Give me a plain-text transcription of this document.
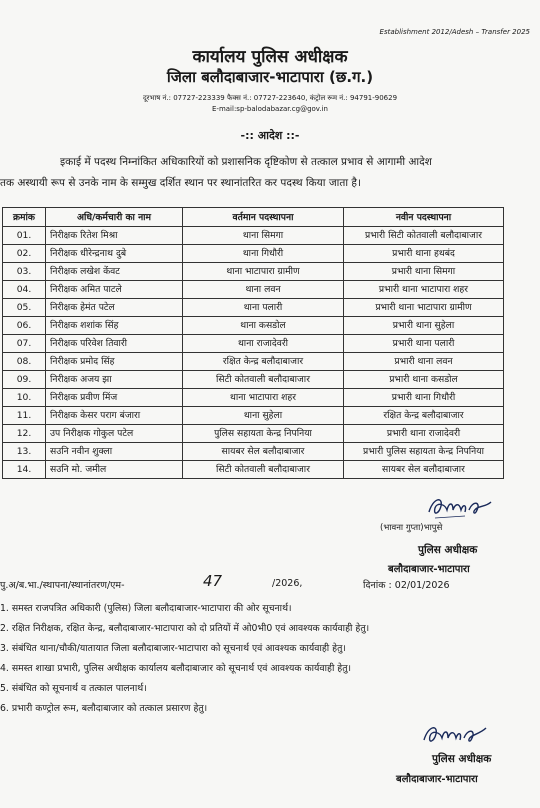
Establishment 2012/Adesh – Transfer 2025
कार्यालय पुलिस अधीक्षक
जिला बलौदाबाजार-भाटापारा (छ.ग.)
दूरभाष नं.: 07727-223339 फैक्स नं.: 07727-223640, कंट्रोल रूम नं.: 94791-90629
E-mail:sp-balodabazar.cg@gov.in
-:: आदेश ::-
इकाई में पदस्थ निम्नांकित अधिकारियों को प्रशासनिक दृष्टिकोण से तत्काल प्रभाव से आगामी आदेश
तक अस्थायी रूप से उनके नाम के सम्मुख दर्शित स्थान पर स्थानांतरित कर पदस्थ किया जाता है।
क्रमांक	अधि/कर्मचारी का नाम	वर्तमान पदस्थापना	नवीन पदस्थापना
01.	निरीक्षक रितेश मिश्रा	थाना सिमगा	प्रभारी सिटी कोतवाली बलौदाबाजार
02.	निरीक्षक धीरेन्द्रनाथ दुबे	थाना गिधौरी	प्रभारी थाना हथबंद
03.	निरीक्षक लखेश केंवट	थाना भाटापारा ग्रामीण	प्रभारी थाना सिमगा
04.	निरीक्षक अमित पाटले	थाना लवन	प्रभारी थाना भाटापारा शहर
05.	निरीक्षक हेमंत पटेल	थाना पलारी	प्रभारी थाना भाटापारा ग्रामीण
06.	निरीक्षक शशांक सिंह	थाना कसडोल	प्रभारी थाना सुहेला
07.	निरीक्षक परिवेश तिवारी	थाना राजादेवरी	प्रभारी थाना पलारी
08.	निरीक्षक प्रमोद सिंह	रक्षित केन्द्र बलौदाबाजार	प्रभारी थाना लवन
09.	निरीक्षक अजय झा	सिटी कोतवाली बलौदाबाजार	प्रभारी थाना कसडोल
10.	निरीक्षक प्रवीण मिंज	थाना भाटापारा शहर	प्रभारी थाना गिधौरी
11.	निरीक्षक केसर पराग बंजारा	थाना सुहेला	रक्षित केन्द्र बलौदाबाजार
12.	उप निरीक्षक गोकुल पटेल	पुलिस सहायता केन्द्र निपनिया	प्रभारी थाना राजादेवरी
13.	सउनि नवीन शुक्ला	सायबर सेल बलौदाबाजार	प्रभारी पुलिस सहायता केन्द्र निपनिया
14.	सउनि मो. जमील	सिटी कोतवाली बलौदाबाजार	सायबर सेल बलौदाबाजार
(भावना गुप्ता)भापुसे
पुलिस अधीक्षक
बलौदाबाजार-भाटापारा
पु.अ/ब.भा./स्थापना/स्थानांतरण/एम-	47	/2026,	दिनांक : 02/01/2026
1. समस्त राजपत्रित अधिकारी (पुलिस) जिला बलौदाबाजार-भाटापारा की ओर सूचनार्थ।
2. रक्षित निरीक्षक, रक्षित केन्द्र, बलौदाबाजार-भाटापारा को दो प्रतियों में ओ0भी0 एवं आवश्यक कार्यवाही हेतु।
3. संबंधित थाना/चौकी/यातायात जिला बलौदाबाजार-भाटापारा को सूचनार्थ एवं आवश्यक कार्यवाही हेतु।
4. समस्त शाखा प्रभारी, पुलिस अधीक्षक कार्यालय बलौदाबाजार को सूचनार्थ एवं आवश्यक कार्यवाही हेतु।
5. संबंधित को सूचनार्थ व तत्काल पालनार्थ।
6. प्रभारी कण्ट्रोल रूम, बलौदाबाजार को तत्काल प्रसारण हेतु।
पुलिस अधीक्षक
बलौदाबाजार-भाटापारा
